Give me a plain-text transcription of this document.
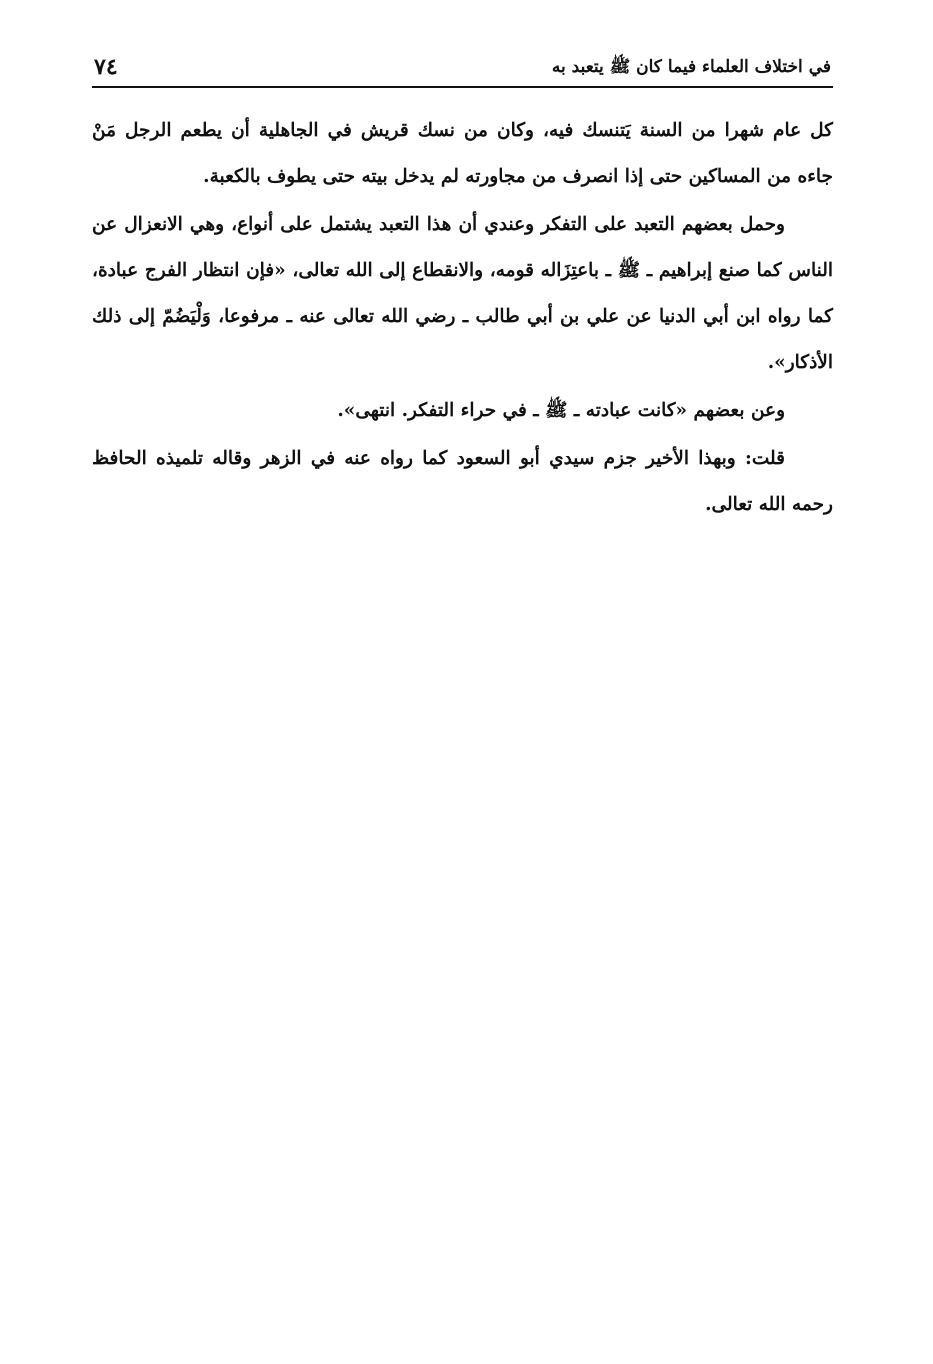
في اختلاف العلماء فيما كان ﷺ يتعبد به
٧٤

كل عام شهرا من السنة يَتنسك فيه، وكان من نسك قريش في الجاهلية أن يطعم الرجل مَنْ جاءه من المساكين حتى إذا انصرف من مجاورته لم يدخل بيته حتى يطوف بالكعبة.

وحمل بعضهم التعبد على التفكر وعندي أن هذا التعبد يشتمل على أنواع، وهي الانعزال عن الناس كما صنع إبراهيم ـ ﷺ ـ باعتِزَاله قومه، والانقطاع إلى الله تعالى، «فإن انتظار الفرج عبادة، كما رواه ابن أبي الدنيا عن علي بن أبي طالب ـ رضي الله تعالى عنه ـ مرفوعا، وَلْيَضُمّ إلى ذلك الأذكار».

وعن بعضهم «كانت عبادته ـ ﷺ ـ في حراء التفكر. انتهى».

قلت: وبهذا الأخير جزم سيدي أبو السعود كما رواه عنه في الزهر وقاله تلميذه الحافظ رحمه الله تعالى.
